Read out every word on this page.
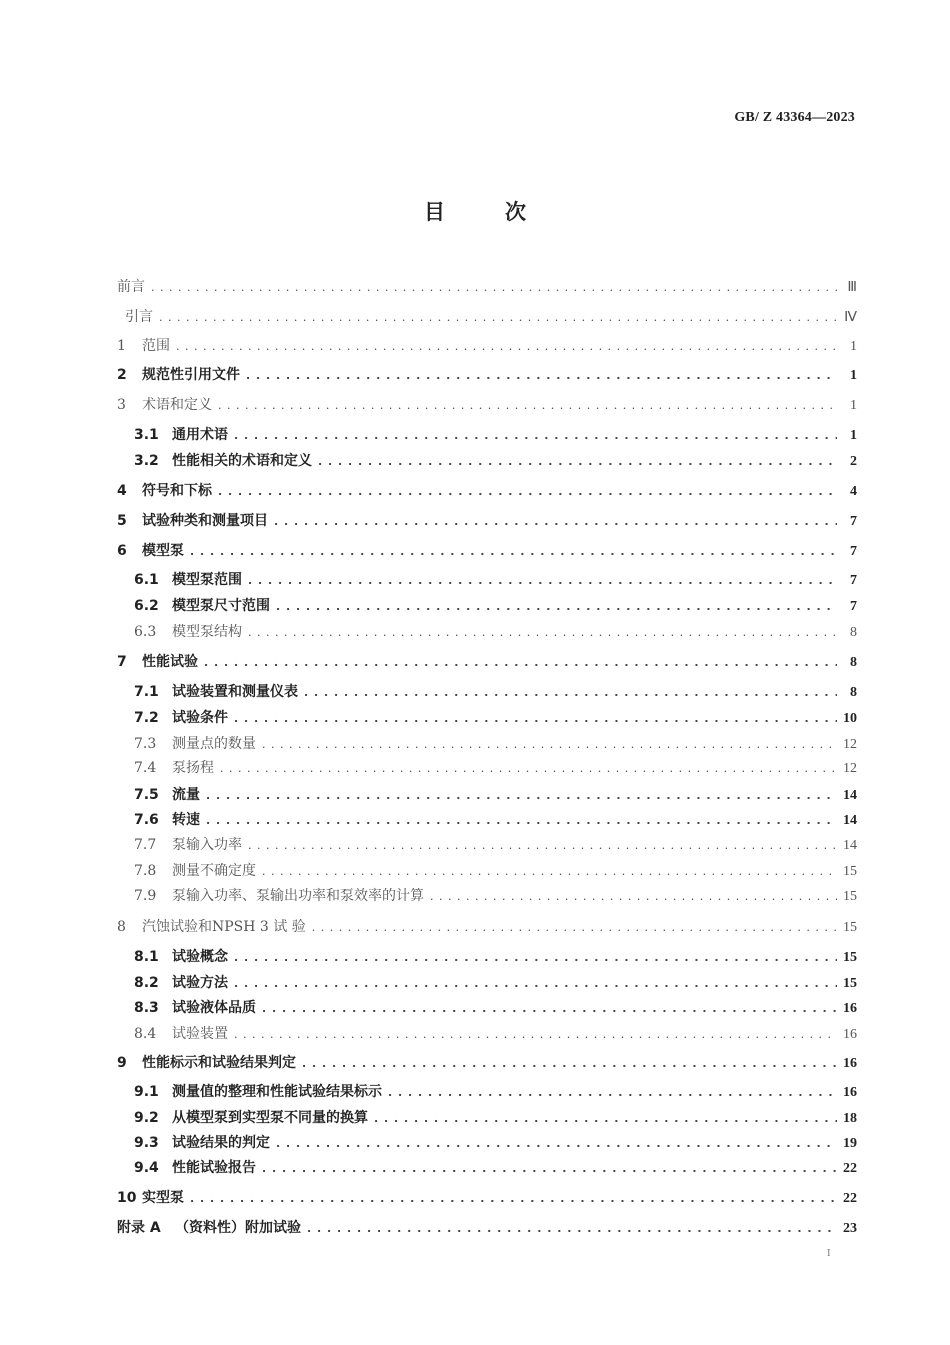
GB/ Z 43364—2023
目次
前言 . . .	Ⅲ
引言 . . .	Ⅳ
1	范围 . . .	1
2	规范性引用文件 . . .	1
3	术语和定义 . . .	1
3.1 通用术语 . . .	1
3.2 性能相关的术语和定义 . . .	2
4	符号和下标 . . .	4
5	试验种类和测量项目 . . .	7
6	模型泵 . . .	7
6.1 模型泵范围 . . .	7
6.2 模型泵尺寸范围 . . .	7
6.3	模型泵结构 . . .	8
7	性能试验 . . .	8
7.1 试验装置和测量仪表 . . .	8
7.2 试验条件 . . .	10
7.3	测量点的数量 . . .	12
7.4	泵扬程 . . .	12
7.5 流量 . . .	14
7.6 转速 . . .	14
7.7	泵输入功率 . . .	14
7.8	测量不确定度 . . .	15
7.9	泵输入功率、泵输出功率和泵效率的计算 . . .	15
8	汽蚀试验和NPSH 3 试 验 . . .	15
8.1 试验概念 . . .	15
8.2 试验方法 . . .	15
8.3 试验液体品质 . . .	16
8.4	试验装置 . . .	16
9	性能标示和试验结果判定 . . .	16
9.1 测量值的整理和性能试验结果标示 . . .	16
9.2 从模型泵到实型泵不同量的换算 . . .	18
9.3 试验结果的判定 . . .	19
9.4 性能试验报告 . . .	22
10 实型泵 . . .	22
附录 A	（资料性）附加试验 . . .	23
I
